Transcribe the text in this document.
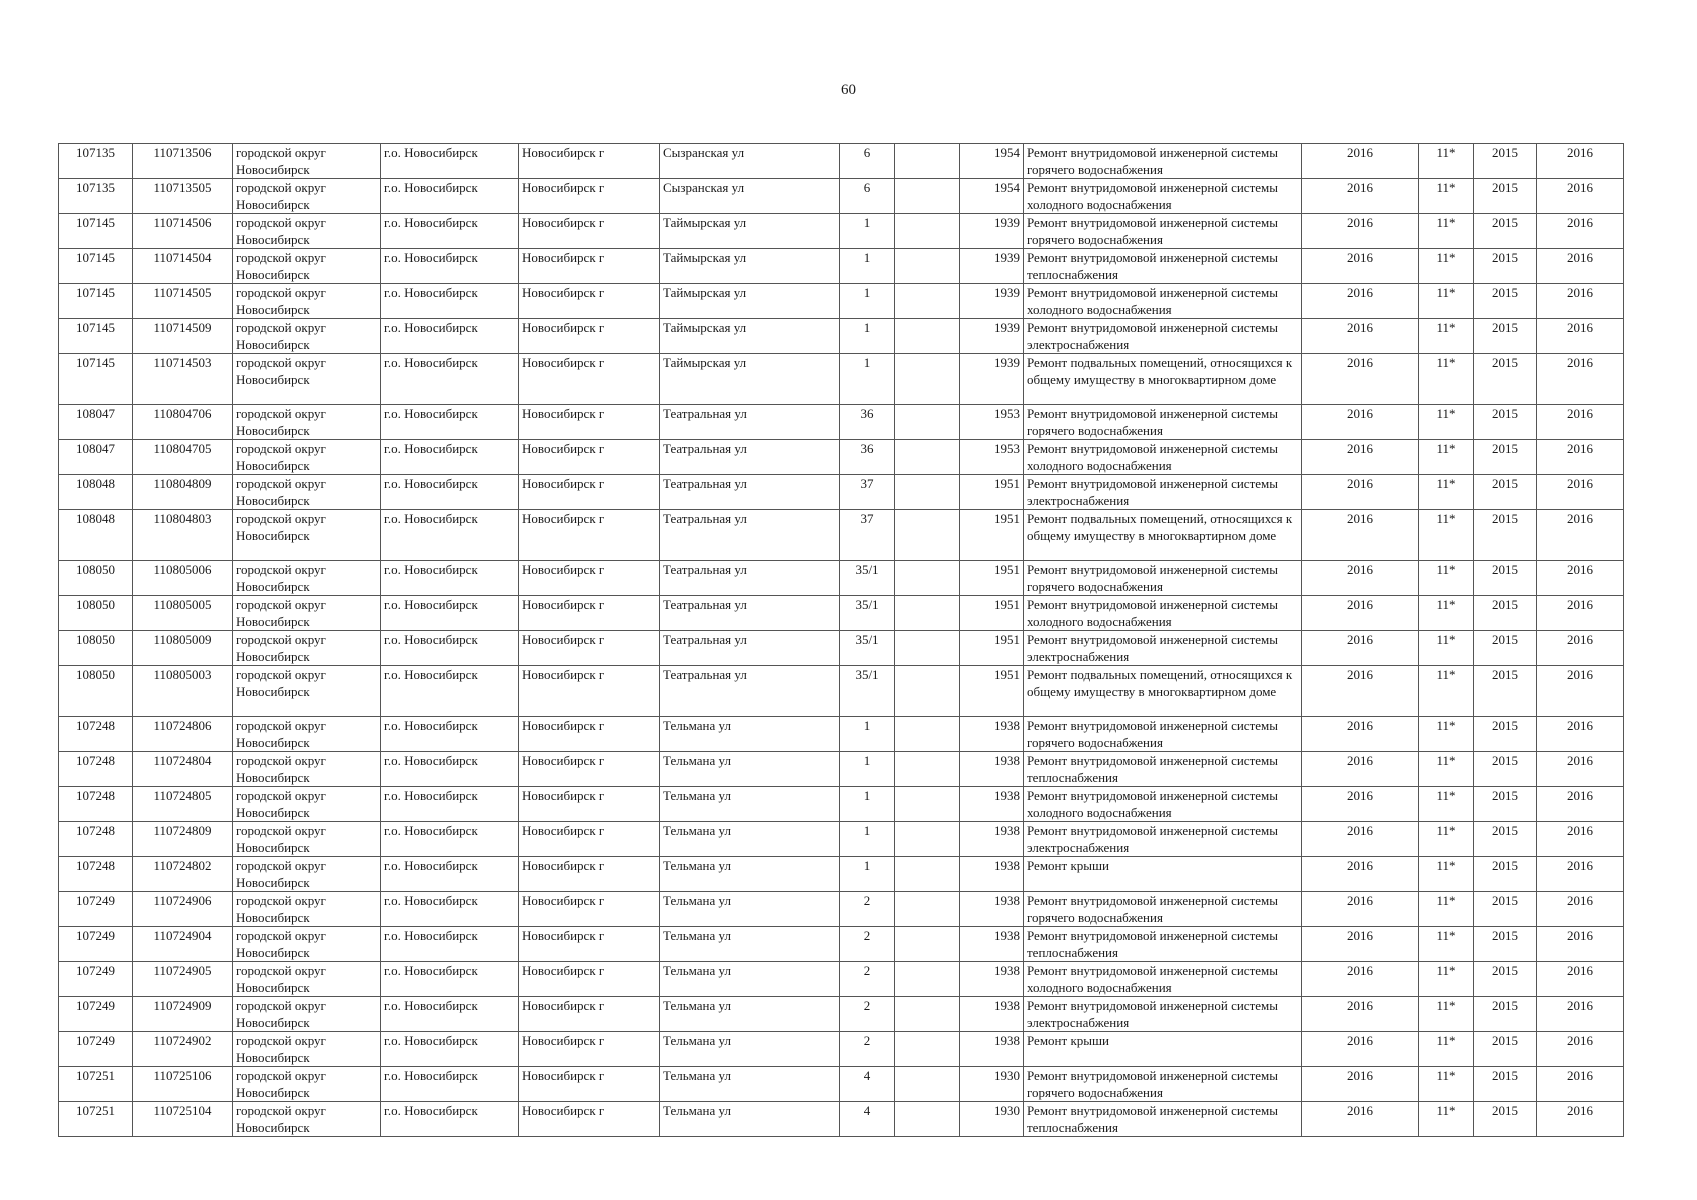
60
107135	110713506	городской округ Новосибирск	г.о. Новосибирск	Новосибирск г	Сызранская ул	6		1954	Ремонт внутридомовой инженерной системы горячего водоснабжения	2016	11*	2015	2016
107135	110713505	городской округ Новосибирск	г.о. Новосибирск	Новосибирск г	Сызранская ул	6		1954	Ремонт внутридомовой инженерной системы холодного водоснабжения	2016	11*	2015	2016
107145	110714506	городской округ Новосибирск	г.о. Новосибирск	Новосибирск г	Таймырская ул	1		1939	Ремонт внутридомовой инженерной системы горячего водоснабжения	2016	11*	2015	2016
107145	110714504	городской округ Новосибирск	г.о. Новосибирск	Новосибирск г	Таймырская ул	1		1939	Ремонт внутридомовой инженерной системы теплоснабжения	2016	11*	2015	2016
107145	110714505	городской округ Новосибирск	г.о. Новосибирск	Новосибирск г	Таймырская ул	1		1939	Ремонт внутридомовой инженерной системы холодного водоснабжения	2016	11*	2015	2016
107145	110714509	городской округ Новосибирск	г.о. Новосибирск	Новосибирск г	Таймырская ул	1		1939	Ремонт внутридомовой инженерной системы электроснабжения	2016	11*	2015	2016
107145	110714503	городской округ Новосибирск	г.о. Новосибирск	Новосибирск г	Таймырская ул	1		1939	Ремонт подвальных помещений, относящихся к общему имуществу в многоквартирном доме	2016	11*	2015	2016
108047	110804706	городской округ Новосибирск	г.о. Новосибирск	Новосибирск г	Театральная ул	36		1953	Ремонт внутридомовой инженерной системы горячего водоснабжения	2016	11*	2015	2016
108047	110804705	городской округ Новосибирск	г.о. Новосибирск	Новосибирск г	Театральная ул	36		1953	Ремонт внутридомовой инженерной системы холодного водоснабжения	2016	11*	2015	2016
108048	110804809	городской округ Новосибирск	г.о. Новосибирск	Новосибирск г	Театральная ул	37		1951	Ремонт внутридомовой инженерной системы электроснабжения	2016	11*	2015	2016
108048	110804803	городской округ Новосибирск	г.о. Новосибирск	Новосибирск г	Театральная ул	37		1951	Ремонт подвальных помещений, относящихся к общему имуществу в многоквартирном доме	2016	11*	2015	2016
108050	110805006	городской округ Новосибирск	г.о. Новосибирск	Новосибирск г	Театральная ул	35/1		1951	Ремонт внутридомовой инженерной системы горячего водоснабжения	2016	11*	2015	2016
108050	110805005	городской округ Новосибирск	г.о. Новосибирск	Новосибирск г	Театральная ул	35/1		1951	Ремонт внутридомовой инженерной системы холодного водоснабжения	2016	11*	2015	2016
108050	110805009	городской округ Новосибирск	г.о. Новосибирск	Новосибирск г	Театральная ул	35/1		1951	Ремонт внутридомовой инженерной системы электроснабжения	2016	11*	2015	2016
108050	110805003	городской округ Новосибирск	г.о. Новосибирск	Новосибирск г	Театральная ул	35/1		1951	Ремонт подвальных помещений, относящихся к общему имуществу в многоквартирном доме	2016	11*	2015	2016
107248	110724806	городской округ Новосибирск	г.о. Новосибирск	Новосибирск г	Тельмана ул	1		1938	Ремонт внутридомовой инженерной системы горячего водоснабжения	2016	11*	2015	2016
107248	110724804	городской округ Новосибирск	г.о. Новосибирск	Новосибирск г	Тельмана ул	1		1938	Ремонт внутридомовой инженерной системы теплоснабжения	2016	11*	2015	2016
107248	110724805	городской округ Новосибирск	г.о. Новосибирск	Новосибирск г	Тельмана ул	1		1938	Ремонт внутридомовой инженерной системы холодного водоснабжения	2016	11*	2015	2016
107248	110724809	городской округ Новосибирск	г.о. Новосибирск	Новосибирск г	Тельмана ул	1		1938	Ремонт внутридомовой инженерной системы электроснабжения	2016	11*	2015	2016
107248	110724802	городской округ Новосибирск	г.о. Новосибирск	Новосибирск г	Тельмана ул	1		1938	Ремонт крыши	2016	11*	2015	2016
107249	110724906	городской округ Новосибирск	г.о. Новосибирск	Новосибирск г	Тельмана ул	2		1938	Ремонт внутридомовой инженерной системы горячего водоснабжения	2016	11*	2015	2016
107249	110724904	городской округ Новосибирск	г.о. Новосибирск	Новосибирск г	Тельмана ул	2		1938	Ремонт внутридомовой инженерной системы теплоснабжения	2016	11*	2015	2016
107249	110724905	городской округ Новосибирск	г.о. Новосибирск	Новосибирск г	Тельмана ул	2		1938	Ремонт внутридомовой инженерной системы холодного водоснабжения	2016	11*	2015	2016
107249	110724909	городской округ Новосибирск	г.о. Новосибирск	Новосибирск г	Тельмана ул	2		1938	Ремонт внутридомовой инженерной системы электроснабжения	2016	11*	2015	2016
107249	110724902	городской округ Новосибирск	г.о. Новосибирск	Новосибирск г	Тельмана ул	2		1938	Ремонт крыши	2016	11*	2015	2016
107251	110725106	городской округ Новосибирск	г.о. Новосибирск	Новосибирск г	Тельмана ул	4		1930	Ремонт внутридомовой инженерной системы горячего водоснабжения	2016	11*	2015	2016
107251	110725104	городской округ Новосибирск	г.о. Новосибирск	Новосибирск г	Тельмана ул	4		1930	Ремонт внутридомовой инженерной системы теплоснабжения	2016	11*	2015	2016
